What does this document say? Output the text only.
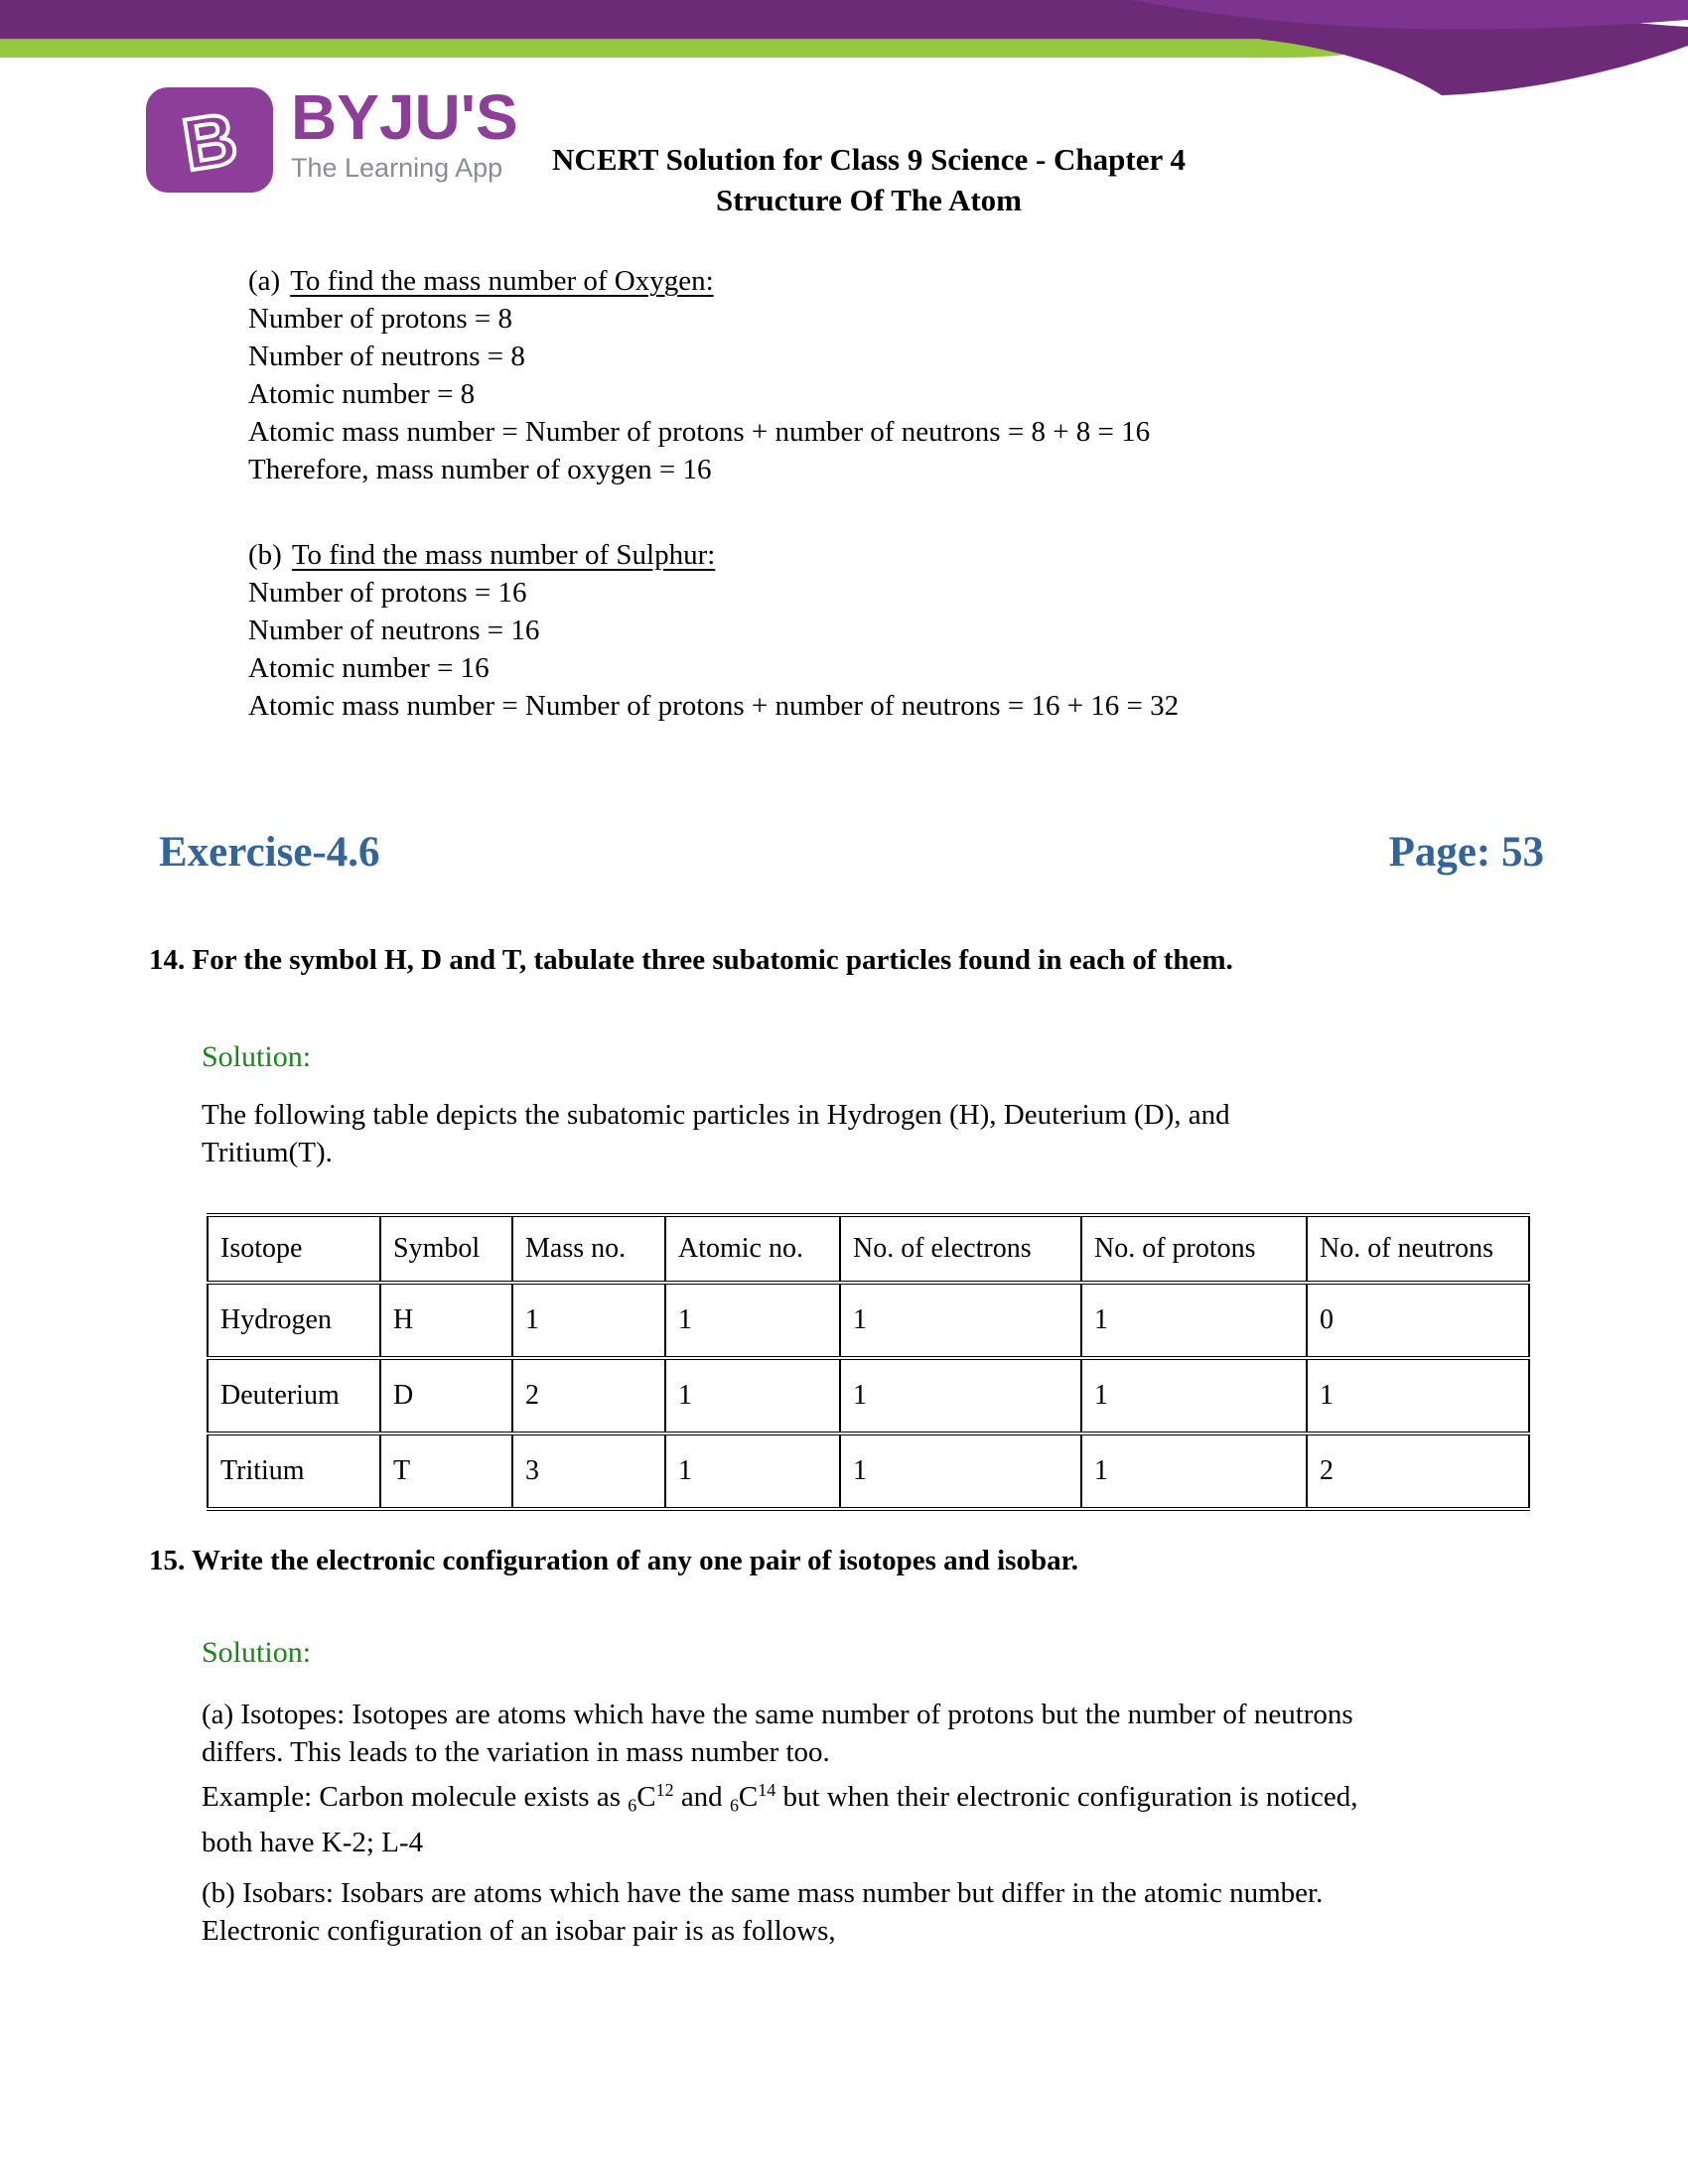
B BYJU'S
The Learning App	NCERT Solution for Class 9 Science - Chapter 4
Structure Of The Atom
(a) To find the mass number of Oxygen:
Number of protons = 8
Number of neutrons = 8
Atomic number = 8
Atomic mass number = Number of protons + number of neutrons = 8 + 8 = 16
Therefore, mass number of oxygen = 16
(b) To find the mass number of Sulphur:
Number of protons = 16
Number of neutrons = 16
Atomic number = 16
Atomic mass number = Number of protons + number of neutrons = 16 + 16 = 32
Exercise-4.6	Page: 53
14. For the symbol H, D and T, tabulate three subatomic particles found in each of them.
Solution:
The following table depicts the subatomic particles in Hydrogen (H), Deuterium (D), and
Tritium(T).
Isotope	Symbol	Mass no.	Atomic no.	No. of electrons	No. of protons	No. of neutrons
Hydrogen	H	1	1	1	1	0
Deuterium	D	2	1	1	1	1
Tritium	T	3	1	1	1	2
15. Write the electronic configuration of any one pair of isotopes and isobar.
Solution:
(a) Isotopes: Isotopes are atoms which have the same number of protons but the number of neutrons
differs. This leads to the variation in mass number too.
Example: Carbon molecule exists as $_6C^{12}$ and $_6C^{14}$ but when their electronic configuration is noticed,
both have K-2; L-4
(b) Isobars: Isobars are atoms which have the same mass number but differ in the atomic number.
Electronic configuration of an isobar pair is as follows,
